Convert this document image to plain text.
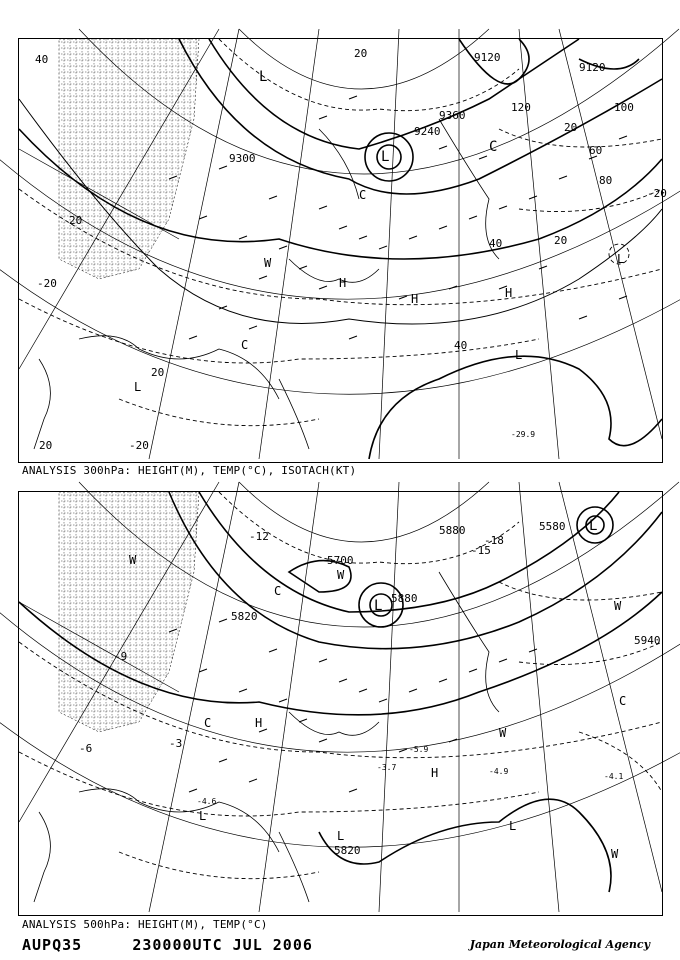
40	20	9120
9120
9240
9300
9360
L
L
C
C
W
H
H	H
L
C
L
20
40
60
80
100
120
-20
20
40
20
-20
-20
20
-29.9
L
20
ANALYSIS 300hPa: HEIGHT(M), TEMP(°C), ISOTACH(KT)
5580
5700
5820
5880
5880
5940
5820
C
C
C
W
W
W
W
W
H
H
L
L
L
L
L
-12
-15
-18
-9
-6	-3
-4.9
-4.1
-4.6
-3.7
-5.9
ANALYSIS 500hPa: HEIGHT(M), TEMP(°C)
AUPQ35	230000UTC JUL 2006	Japan Meteorological Agency
